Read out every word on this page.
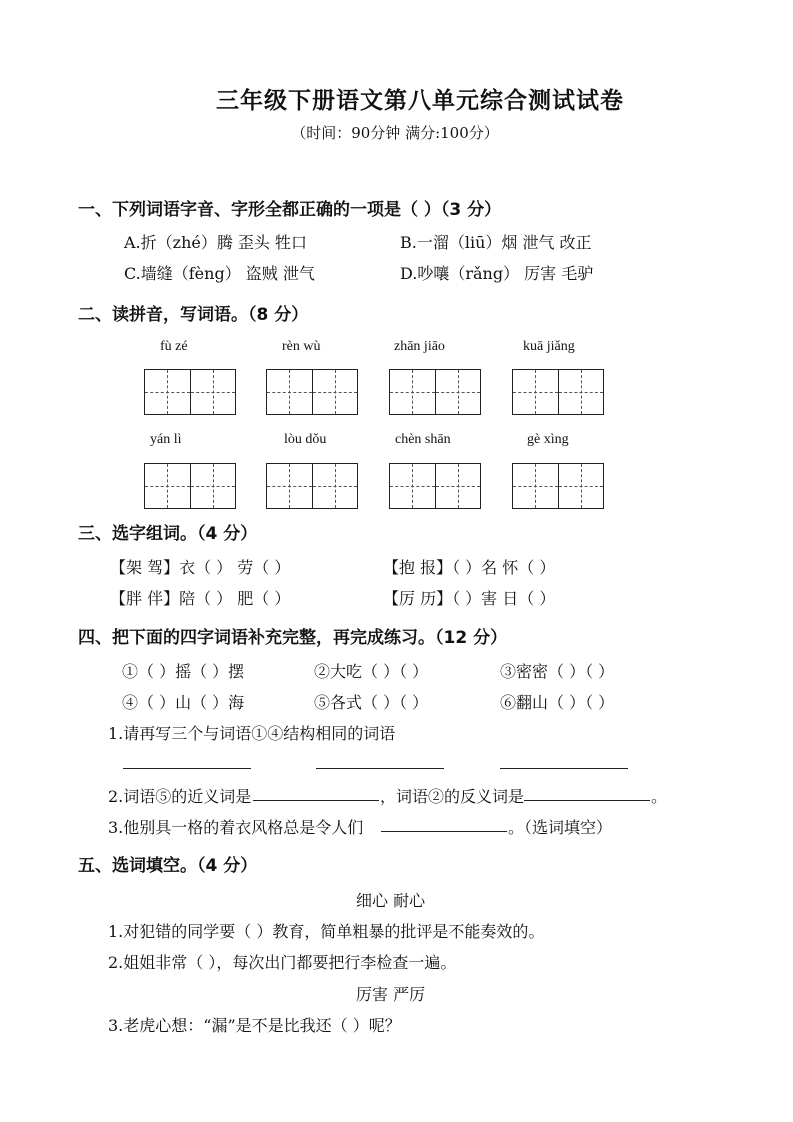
三年级下册语文第八单元综合测试试卷
（时间：90分钟 满分:100分）
一、下列词语字音、字形全都正确的一项是（ ）（3 分）
A.折（zhé）腾 歪头 牲口	B.一溜（liū）烟 泄气 改正
C.墙缝（fèng） 盗贼 泄气	D.吵嚷（rǎng） 厉害 毛驴
二、读拼音，写词语。（8 分）
fù zé	rèn wù	zhān jiāo	kuā jiǎng
yán lì	lòu dǒu	chèn shān	gè xìng
三、选字组词。（4 分）
【架 驾】衣（ ） 劳（ ）	【抱 报】（ ）名 怀（ ）
【胖 伴】陪（ ） 肥（ ）	【厉 历】（ ）害 日（ ）
四、把下面的四字词语补充完整，再完成练习。（12 分）
①（ ）摇（ ）摆	②大吃（ ）（ ）	③密密（ ）（ ）
④（ ）山（ ）海	⑤各式（ ）（ ）	⑥翻山（ ）（ ）
1.请再写三个与词语①④结构相同的词语
2.词语⑤的近义词是	，词语②的反义词是	。
3.他别具一格的着衣风格总是令人们	。（选词填空）
五、选词填空。（4 分）
细心 耐心
1.对犯错的同学要（ ）教育，简单粗暴的批评是不能奏效的。
2.姐姐非常（ ），每次出门都要把行李检查一遍。
厉害 严厉
3.老虎心想：“漏”是不是比我还（ ）呢？
